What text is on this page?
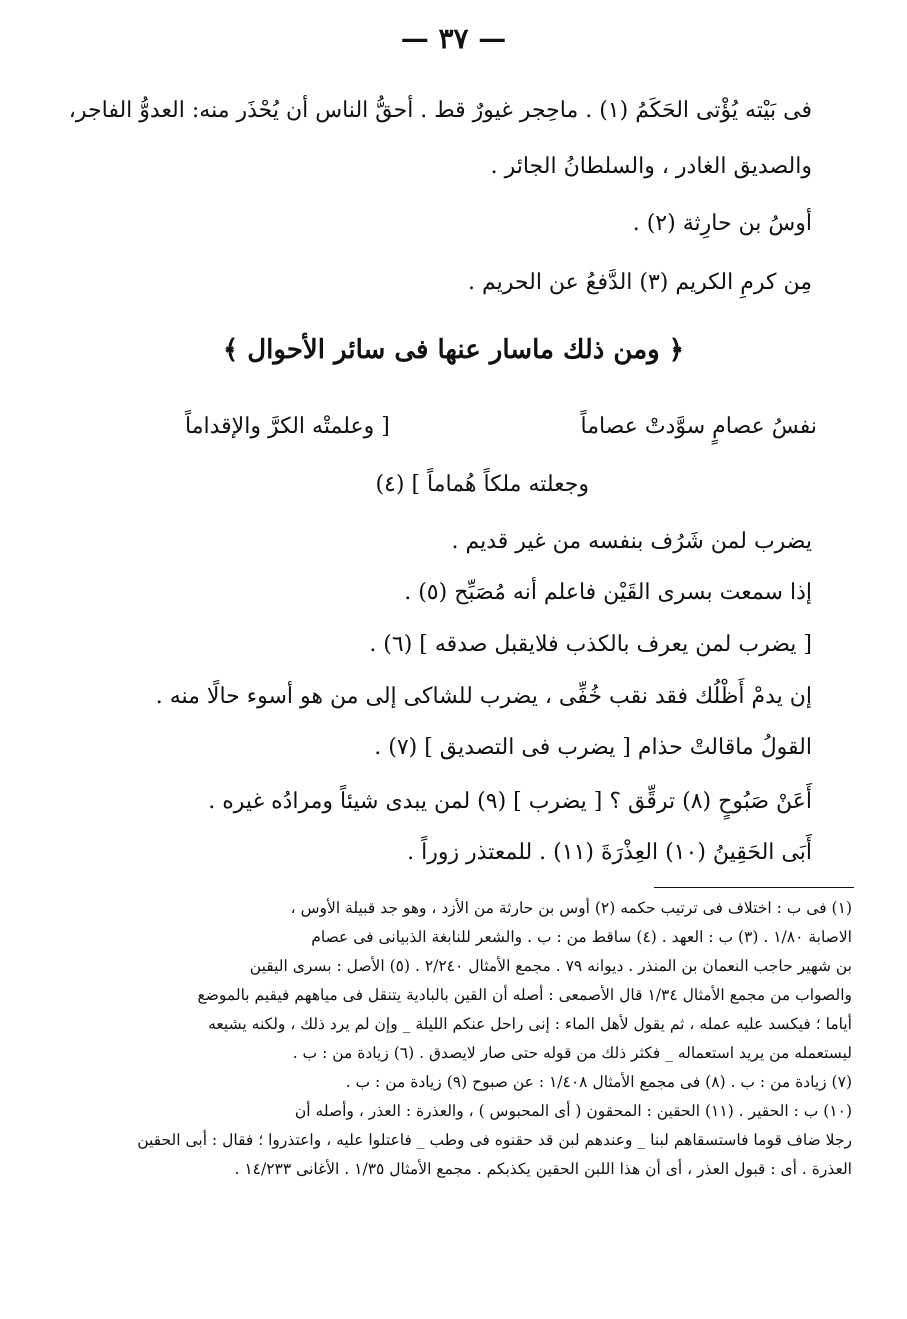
— ٣٧ —
فى بَيْته يُؤْتى الحَكَمُ (١) . ماحِجر غيورٌ قط . أحقُّ الناس أن يُحْذَر منه: العدوُّ الفاجر،
والصديق الغادر ، والسلطانُ الجائر .
أوسُ بن حارِثة (٢) .
مِن كرمِ الكريم (٣) الدَّفعُ عن الحريم .
﴿ ومن ذلك ماسار عنها فى سائر الأحوال ﴾
نفسُ عصامٍ سوَّدتْ عصاماً
[ وعلمتْه الكرَّ والإقداماً
وجعلته ملكاً هُماماً ] (٤)
يضرب لمن شَرُف بنفسه من غير قديم .
إذا سمعت بسرى القَيْن فاعلم أنه مُصَبِّح (٥) .
[ يضرب لمن يعرف بالكذب فلايقبل صدقه ] (٦) .
إن يدمْ أَظْلُك فقد نقب خُفِّى ، يضرب للشاكى إلى من هو أسوء حالًا منه .
القولُ ماقالتْ حذام [ يضرب فى التصديق ] (٧) .
أَعَنْ صَبُوحٍ (٨) ترقِّق ؟ [ يضرب ] (٩) لمن يبدى شيئاً ومرادُه غيره .
أَبَى الحَقِينُ (١٠) العِذْرَةَ (١١) . للمعتذر زوراً .
(١) فى ب : اختلاف فى ترتيب حكمه (٢) أوس بن حارثة من الأزد ، وهو جد قبيلة الأوس ،
الاصابة ١/٨٠ . (٣) ب : العهد . (٤) ساقط من : ب . والشعر للنابغة الذبيانى فى عصام
بن شهير حاجب النعمان بن المنذر . ديوانه ٧٩ . مجمع الأمثال ٢/٢٤٠ . (٥) الأصل : بسرى اليقين
والصواب من مجمع الأمثال ١/٣٤ قال الأصمعى : أصله أن القين بالبادية يتنقل فى مياههم فيقيم بالموضع
أياما ؛ فيكسد عليه عمله ، ثم يقول لأهل الماء : إنى راحل عنكم الليلة _ وإن لم يرد ذلك ، ولكنه يشيعه
ليستعمله من يريد استعماله _ فكثر ذلك من قوله حتى صار لايصدق . (٦) زيادة من : ب .
(٧) زيادة من : ب . (٨) فى مجمع الأمثال ١/٤٠٨ : عن صبوح (٩) زيادة من : ب .
(١٠) ب : الحقير . (١١) الحقين : المحقون ( أى المحبوس ) ، والعذرة : العذر ، وأصله أن
رجلا ضاف قوما فاستسقاهم لبنا _ وعندهم لبن قد حقنوه فى وطب _ فاعتلوا عليه ، واعتذروا ؛ فقال : أبى الحقين
العذرة . أى : قبول العذر ، أى أن هذا اللبن الحقين يكذبكم . مجمع الأمثال ١/٣٥ . الأغانى ١٤/٢٣٣ .
